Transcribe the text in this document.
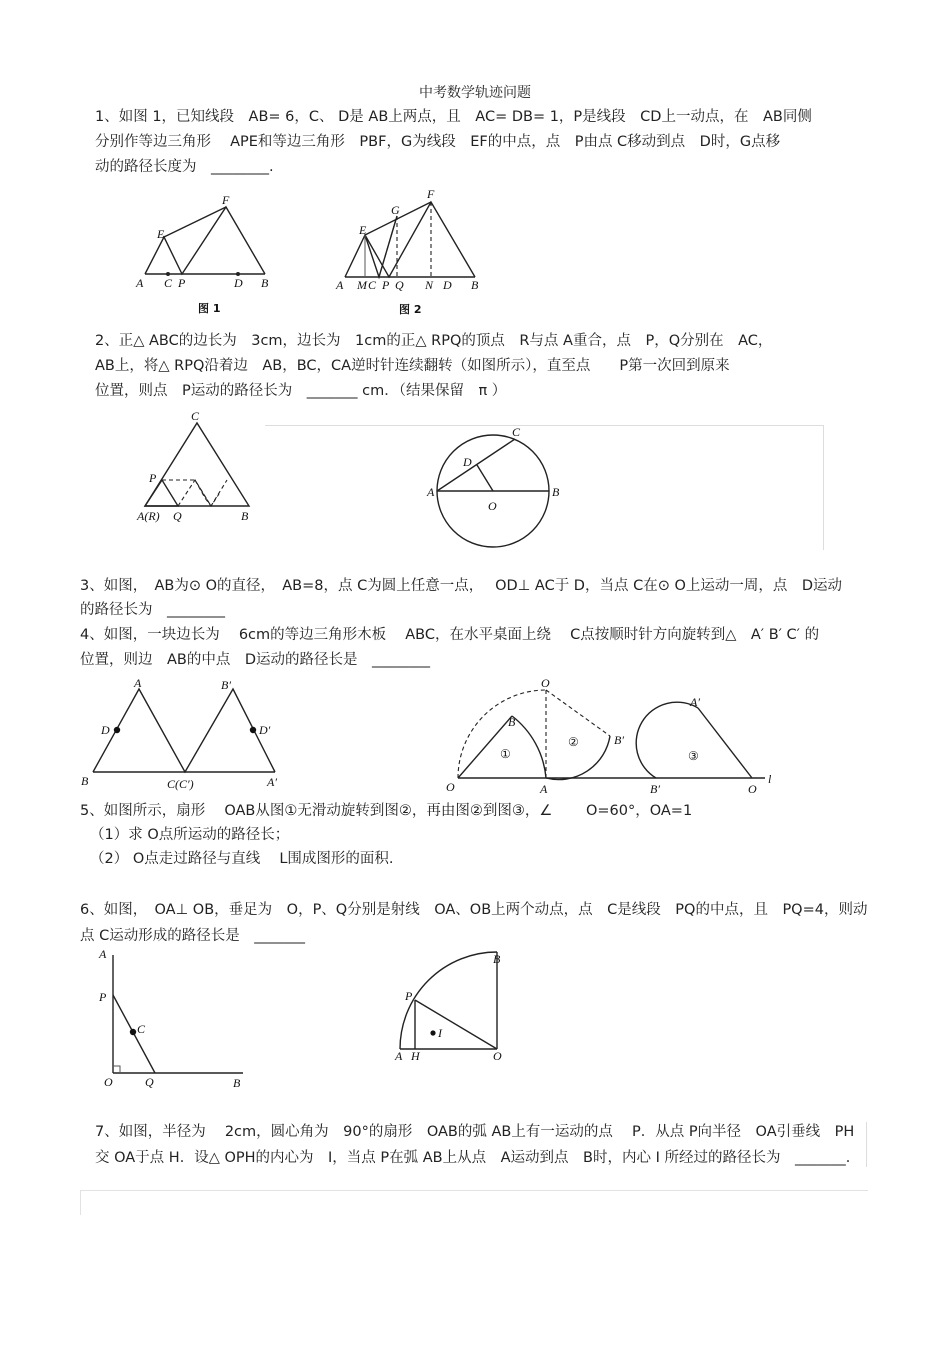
中考数学轨迹问题
1、如图 1，已知线段　AB= 6，C、 D是 AB上两点，且　AC= DB= 1，P是线段　CD上一动点，在　AB同侧
分别作等边三角形　 APE和等边三角形　PBF，G为线段　EF的中点，点　P由点 C移动到点　D时，G点移
动的路径长度为　________.
A C P	D B
E
F
图 1
A M C P Q N D B
E
G
F
图 2
2、正△ ABC的边长为　3cm，边长为　1cm的正△ RPQ的顶点　R与点 A重合，点　P，Q分别在　AC，
AB上，将△ RPQ沿着边　AB，BC，CA逆时针连续翻转（如图所示），直至点　　P第一次回到原来
位置，则点　P运动的路径长为　_______ cm．（结果保留　π ）
C
P
A(R) Q	B
A	B
C
D
O
3、如图，　AB为⊙ O的直径，　AB=8，点 C为圆上任意一点，　 OD⊥ AC于 D，当点 C在⊙ O上运动一周，点　D运动
的路径长为　________
4、如图，一块边长为　 6cm的等边三角形木板　 ABC，在水平桌面上绕　 C点按顺时针方向旋转到△　A′ B′ C′ 的
位置，则边　AB的中点　D运动的路径长是　________
A	B′
D	D′
B	C(C′)	A′
O
O
B
A
B′
B′
A′
O
l
①
②
③
5、如图所示，扇形　 OAB从图①无滑动旋转到图②，再由图②到图③，∠　　 O=60°，OA=1
（1）求 O点所运动的路径长；
（2） O点走过路径与直线　 L围成图形的面积.
6、如图，　OA⊥ OB，垂足为　O，P、Q分别是射线　OA、OB上两个动点，点　C是线段　PQ的中点，且　PQ=4，则动
点 C运动形成的路径长是　_______
A
P
C
O	Q	B
B
P
I
A H	O
7、如图，半径为　 2cm，圆心角为　90°的扇形　OAB的弧 AB上有一运动的点　 P．从点 P向半径　OA引垂线　PH
交 OA于点 H．设△ OPH的内心为　I，当点 P在弧 AB上从点　A运动到点　B时，内心 I 所经过的路径长为　_______．
